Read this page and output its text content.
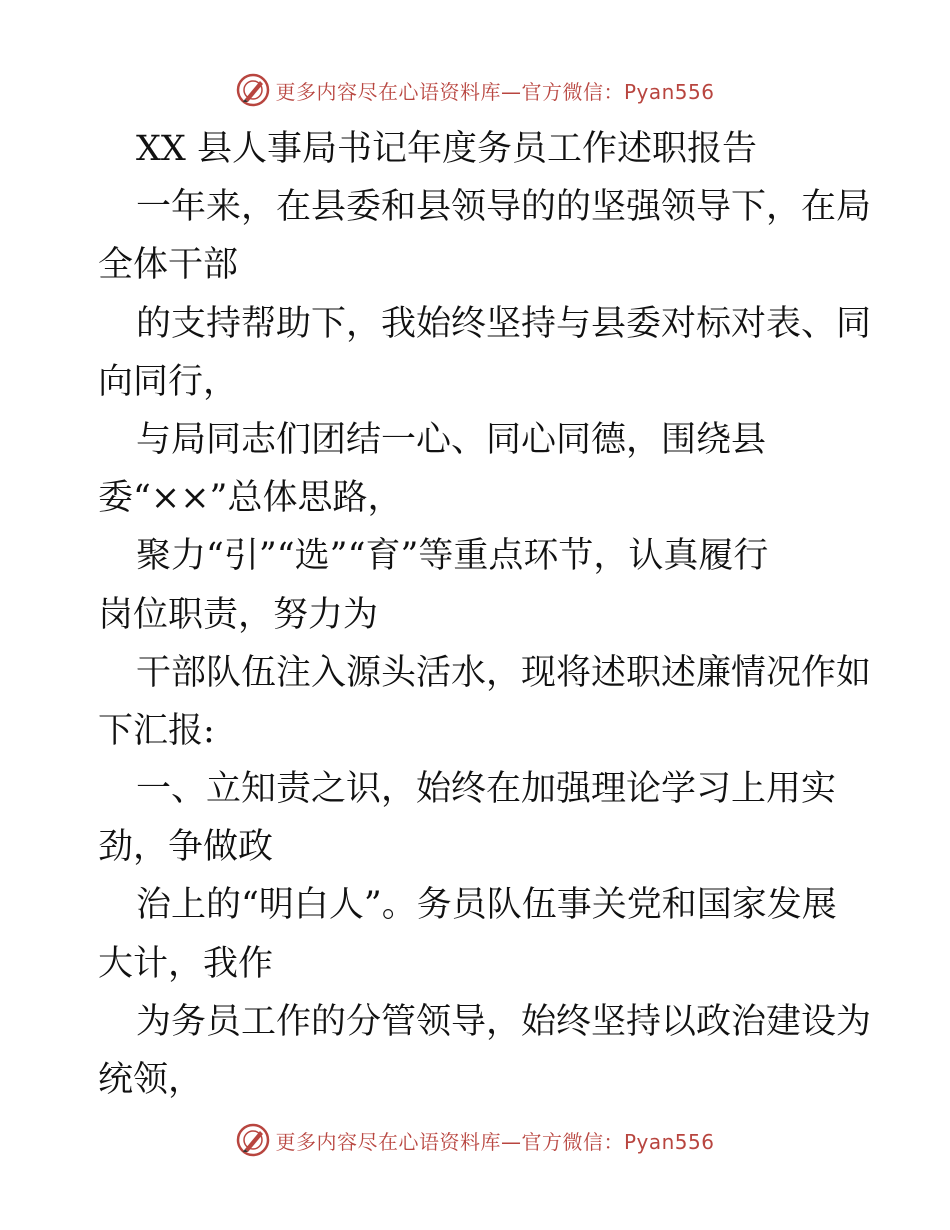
更多内容尽在心语资料库—官方微信：Pyan556
XX 县人事局书记年度务员工作述职报告
一年来，在县委和县领导的的坚强领导下，在局
全体干部
的支持帮助下，我始终坚持与县委对标对表、同
向同行，
与局同志们团结一心、同心同德，围绕县
委“××”总体思路，
聚力“引”“选”“育”等重点环节，认真履行
岗位职责，努力为
干部队伍注入源头活水，现将述职述廉情况作如
下汇报:
一、立知责之识，始终在加强理论学习上用实
劲，争做政
治上的“明白人”。务员队伍事关党和国家发展
大计，我作
为务员工作的分管领导，始终坚持以政治建设为
统领，
更多内容尽在心语资料库—官方微信：Pyan556
